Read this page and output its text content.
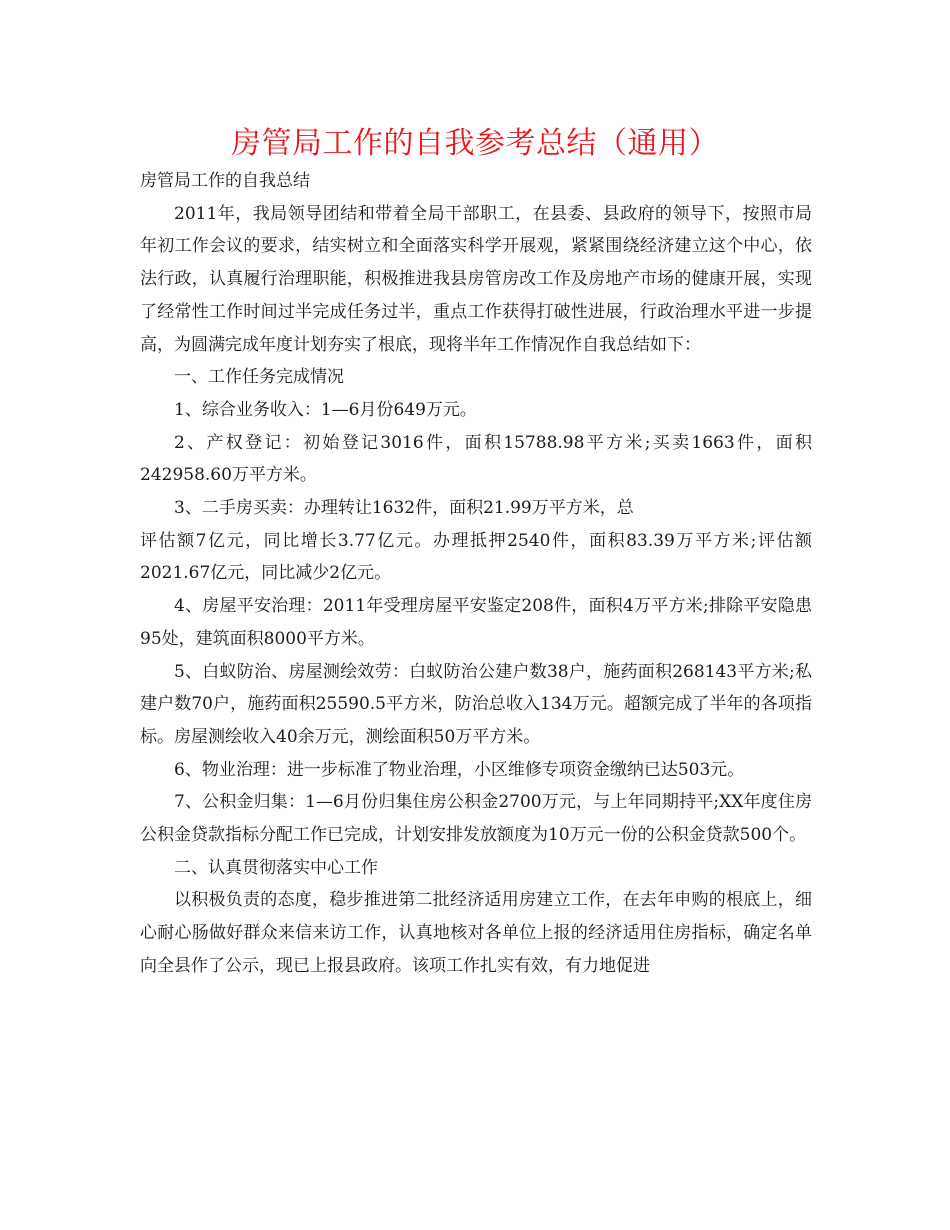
房管局工作的自我参考总结（通用）

房管局工作的自我总结

2011年，我局领导团结和带着全局干部职工，在县委、县政府的领导下，按照市局年初工作会议的要求，结实树立和全面落实科学开展观，紧紧围绕经济建立这个中心，依法行政，认真履行治理职能，积极推进我县房管房改工作及房地产市场的健康开展，实现了经常性工作时间过半完成任务过半，重点工作获得打破性进展，行政治理水平进一步提高，为圆满完成年度计划夯实了根底，现将半年工作情况作自我总结如下：

一、工作任务完成情况

1、综合业务收入：1—6月份649万元。

2、产权登记：初始登记3016件，面积15788.98平方米;买卖1663件，面积242958.60万平方米。

3、二手房买卖：办理转让1632件，面积21.99万平方米，总

评估额7亿元，同比增长3.77亿元。办理抵押2540件，面积83.39万平方米;评估额2021.67亿元，同比减少2亿元。

4、房屋平安治理：2011年受理房屋平安鉴定208件，面积4万平方米;排除平安隐患95处，建筑面积8000平方米。

5、白蚁防治、房屋测绘效劳：白蚁防治公建户数38户，施药面积268143平方米;私建户数70户，施药面积25590.5平方米，防治总收入134万元。超额完成了半年的各项指标。房屋测绘收入40余万元，测绘面积50万平方米。

6、物业治理：进一步标准了物业治理，小区维修专项资金缴纳已达503元。

7、公积金归集：1—6月份归集住房公积金2700万元，与上年同期持平;XX年度住房公积金贷款指标分配工作已完成，计划安排发放额度为10万元一份的公积金贷款500个。

二、认真贯彻落实中心工作

以积极负责的态度，稳步推进第二批经济适用房建立工作，在去年申购的根底上，细心耐心肠做好群众来信来访工作，认真地核对各单位上报的经济适用住房指标，确定名单向全县作了公示，现已上报县政府。该项工作扎实有效，有力地促进
